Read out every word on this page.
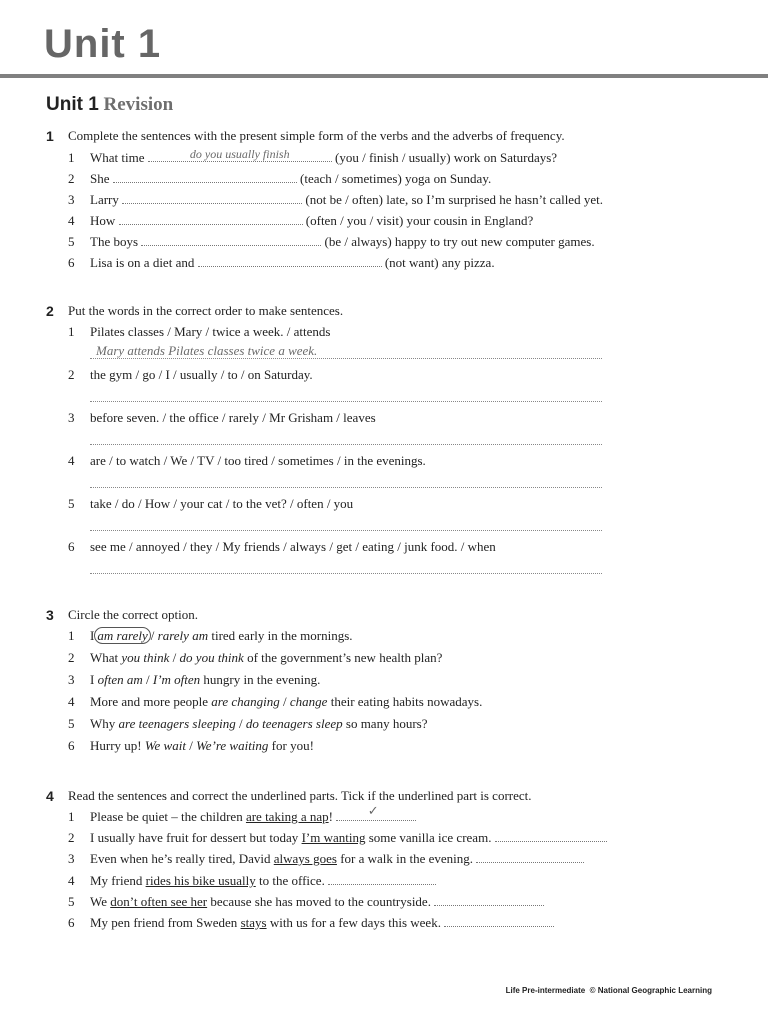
Unit 1
Unit 1 Revision
1 Complete the sentences with the present simple form of the verbs and the adverbs of frequency.
1 What time	do you usually finish	(you / finish / usually) work on Saturdays?
2 She	(teach / sometimes) yoga on Sunday.
3 Larry	(not be / often) late, so I’m surprised he hasn’t called yet.
4 How	(often / you / visit) your cousin in England?
5 The boys	(be / always) happy to try out new computer games.
6 Lisa is on a diet and	(not want) any pizza.
2 Put the words in the correct order to make sentences.
1 Pilates classes / Mary / twice a week. / attends
Mary attends Pilates classes twice a week.
2 the gym / go / I / usually / to / on Saturday.
3 before seven. / the office / rarely / Mr Grisham / leaves
4 are / to watch / We / TV / too tired / sometimes / in the evenings.
5 take / do / How / your cat / to the vet? / often / you
6 see me / annoyed / they / My friends / always / get / eating / junk food. / when
3 Circle the correct option.
1 I am rarely / rarely am tired early in the mornings.
2 What you think / do you think of the government’s new health plan?
3 I often am / I’m often hungry in the evening.
4 More and more people are changing / change their eating habits nowadays.
5 Why are teenagers sleeping / do teenagers sleep so many hours?
6 Hurry up! We wait / We’re waiting for you!
4 Read the sentences and correct the underlined parts. Tick if the underlined part is correct.
1 Please be quiet – the children are taking a nap!	✓
2 I usually have fruit for dessert but today I’m wanting some vanilla ice cream.
3 Even when he’s really tired, David always goes for a walk in the evening.
4 My friend rides his bike usually to the office.
5 We don’t often see her because she has moved to the countryside.
6 My pen friend from Sweden stays with us for a few days this week.
Life Pre-intermediate © National Geographic Learning
